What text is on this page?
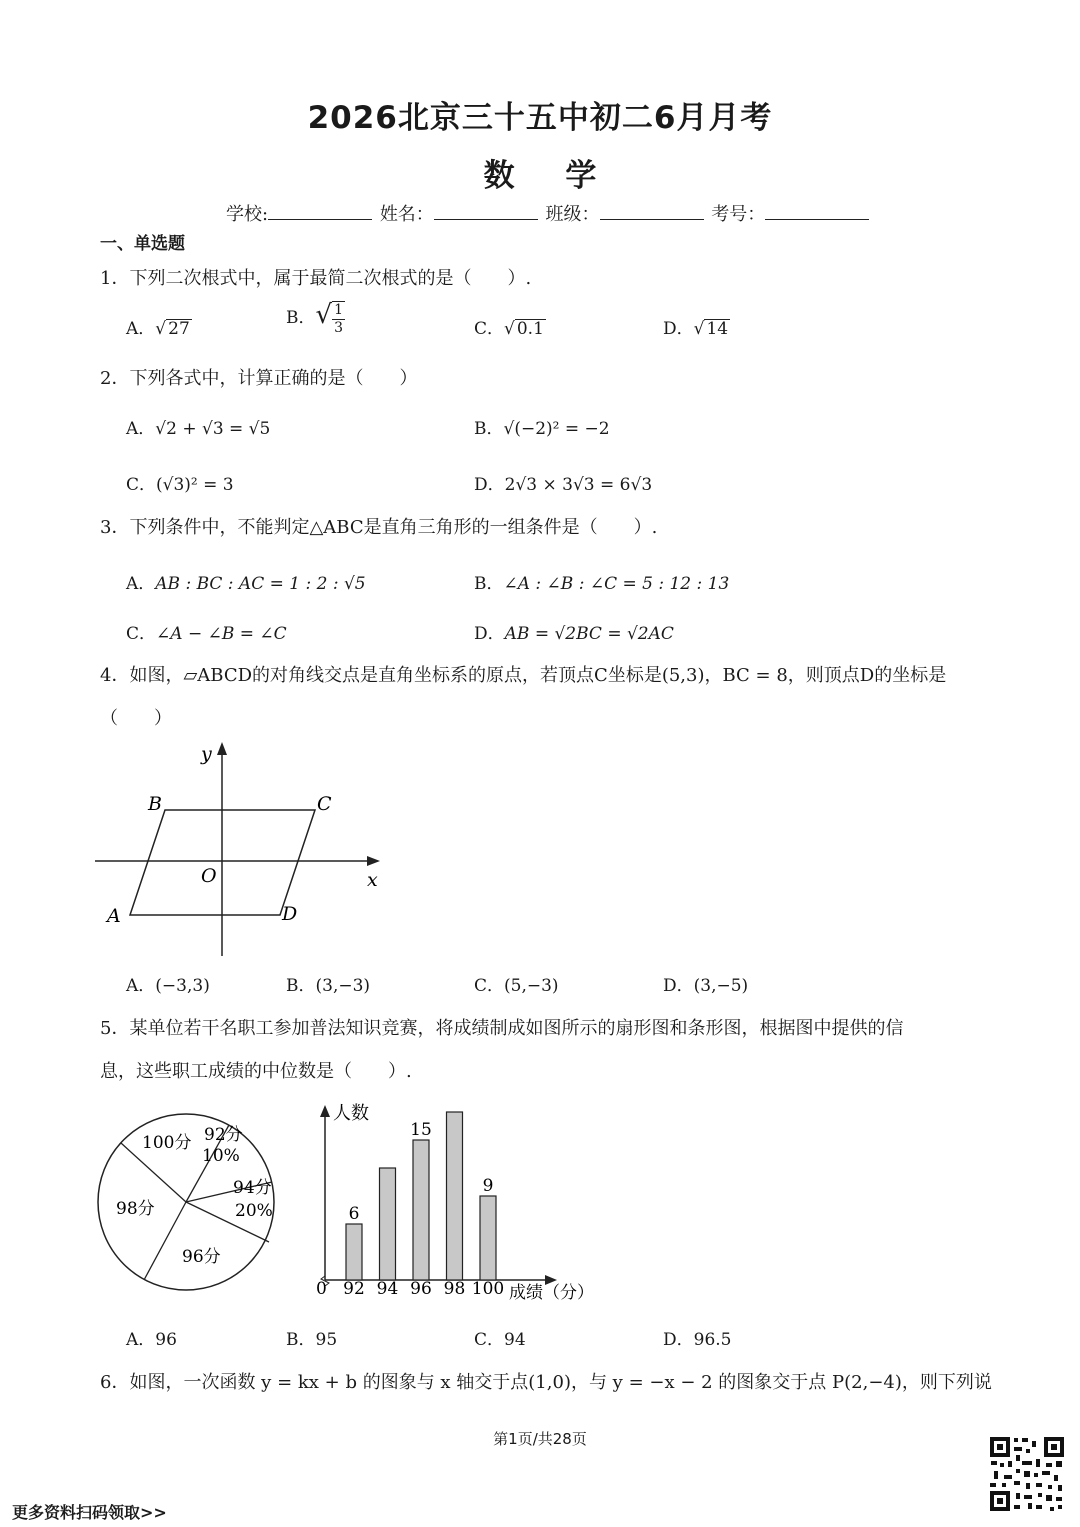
2026北京三十五中初二6月月考
数 学
学校:	姓名：	班级：	考号：
一、单选题
1．下列二次根式中，属于最简二次根式的是（　　）.
A．√ 27
B．√ $\frac{1}{3}$	C．√ 0.1	D．√ 14
2．下列各式中，计算正确的是（　　）
A．√2 + √3 = √5	B．√(−2)² = −2
C．(√3)² = 3	D．2√3 × 3√3 = 6√3
3．下列条件中，不能判定△ABC是直角三角形的一组条件是（　　）.
A．AB : BC : AC = 1 : 2 : √5	B．∠A : ∠B : ∠C = 5 : 12 : 13
C．∠A − ∠B = ∠C	D．AB = √2BC = √2AC
4．如图，▱ABCD的对角线交点是直角坐标系的原点，若顶点C坐标是(5,3)，BC = 8，则顶点D的坐标是
（　　）
y
x
O
A
B	C
D
A．(−3,3)	B．(3,−3)	C．(5,−3)	D．(3,−5)
5．某单位若干名职工参加普法知识竞赛，将成绩制成如图所示的扇形图和条形图，根据图中提供的信
息，这些职工成绩的中位数是（　　）.
100分 92分
10%
94分
20%
96分
98分
人数
0	成绩（分）
92
6
94 96
15
98 100
9
A．96	B．95	C．94	D．96.5
6．如图，一次函数 y = kx + b 的图象与 x 轴交于点(1,0)，与 y = −x − 2 的图象交于点 P(2,−4)，则下列说
第1页/共28页
更多资料扫码领取>>
